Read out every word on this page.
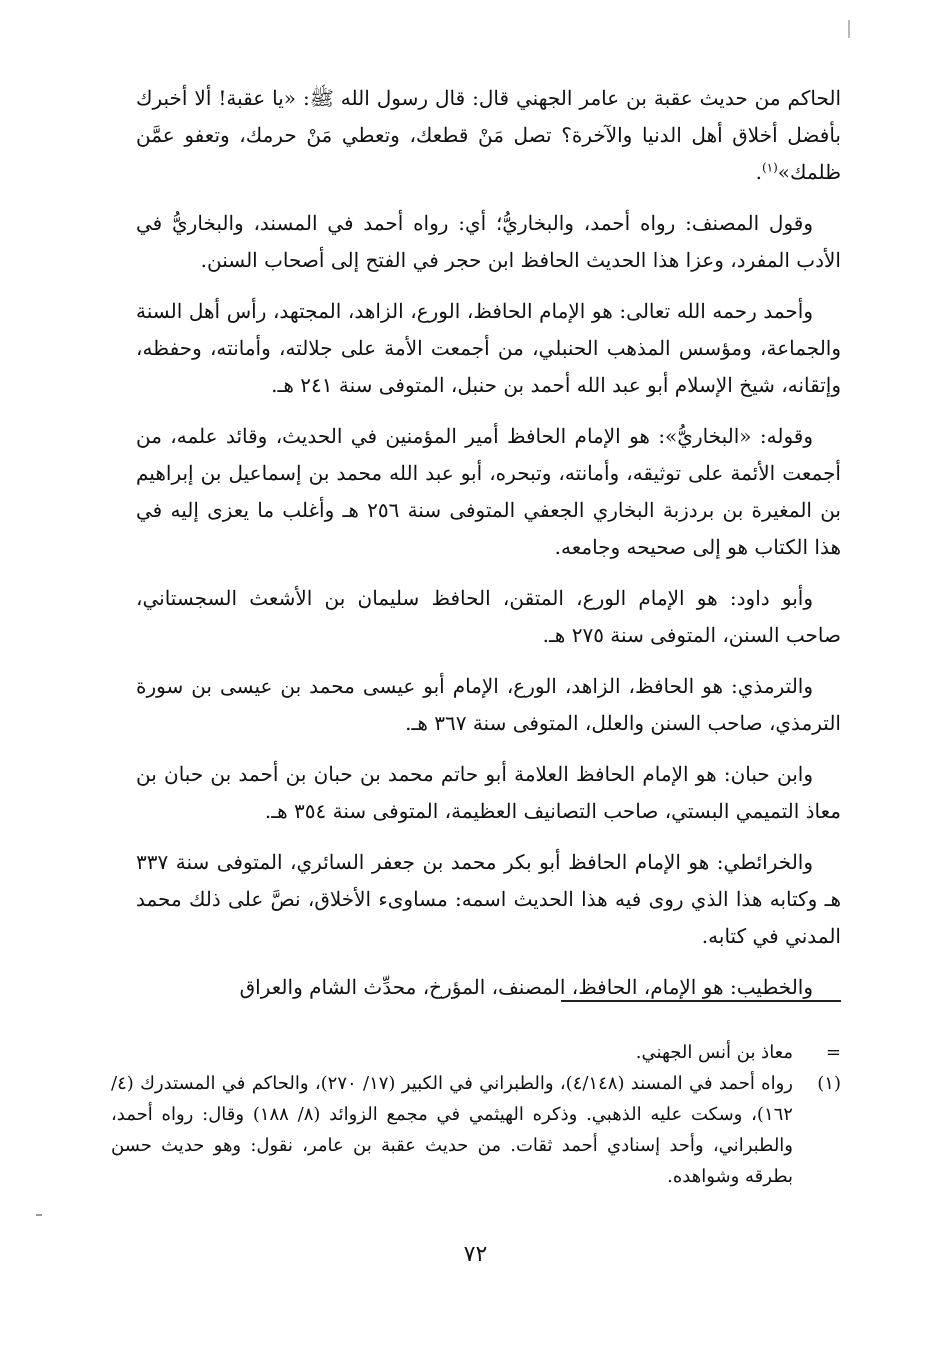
الحاكم من حديث عقبة بن عامر الجهني قال: قال رسول الله ﷺ: «يا عقبة! ألا أخبرك بأفضل أخلاق أهل الدنيا والآخرة؟ تصل مَنْ قطعك، وتعطي مَنْ حرمك، وتعفو عمَّن ظلمك»$^{(١)}$.

وقول المصنف: رواه أحمد، والبخاريُّ؛ أي: رواه أحمد في المسند، والبخاريُّ في الأدب المفرد، وعزا هذا الحديث الحافظ ابن حجر في الفتح إلى أصحاب السنن.

وأحمد رحمه الله تعالى: هو الإمام الحافظ، الورع، الزاهد، المجتهد، رأس أهل السنة والجماعة، ومؤسس المذهب الحنبلي، من أجمعت الأمة على جلالته، وأمانته، وحفظه، وإتقانه، شيخ الإسلام أبو عبد الله أحمد بن حنبل، المتوفى سنة ٢٤١ هـ.

وقوله: «البخاريُّ»: هو الإمام الحافظ أمير المؤمنين في الحديث، وقائد علمه، من أجمعت الأئمة على توثيقه، وأمانته، وتبحره، أبو عبد الله محمد بن إسماعيل بن إبراهيم بن المغيرة بن بردزبة البخاري الجعفي المتوفى سنة ٢٥٦ هـ وأغلب ما يعزى إليه في هذا الكتاب هو إلى صحيحه وجامعه.

وأبو داود: هو الإمام الورع، المتقن، الحافظ سليمان بن الأشعث السجستاني، صاحب السنن، المتوفى سنة ٢٧٥ هـ.

والترمذي: هو الحافظ، الزاهد، الورع، الإمام أبو عيسى محمد بن عيسى بن سورة الترمذي، صاحب السنن والعلل، المتوفى سنة ٣٦٧ هـ.

وابن حبان: هو الإمام الحافظ العلامة أبو حاتم محمد بن حبان بن أحمد بن حبان بن معاذ التميمي البستي، صاحب التصانيف العظيمة، المتوفى سنة ٣٥٤ هـ.

والخرائطي: هو الإمام الحافظ أبو بكر محمد بن جعفر السائري، المتوفى سنة ٣٣٧ هـ وكتابه هذا الذي روى فيه هذا الحديث اسمه: مساوىء الأخلاق، نصَّ على ذلك محمد المدني في كتابه.

والخطيب: هو الإمام، الحافظ، المصنف، المؤرخ، محدِّث الشام والعراق

=
معاذ بن أنس الجهني.
(١)
رواه أحمد في المسند (٤/١٤٨)، والطبراني في الكبير (١٧/ ٢٧٠)، والحاكم في المستدرك (٤/ ١٦٢)، وسكت عليه الذهبي. وذكره الهيثمي في مجمع الزوائد (٨/ ١٨٨) وقال: رواه أحمد، والطبراني، وأحد إسنادي أحمد ثقات. من حديث عقبة بن عامر، نقول: وهو حديث حسن بطرقه وشواهده.
٧٢
